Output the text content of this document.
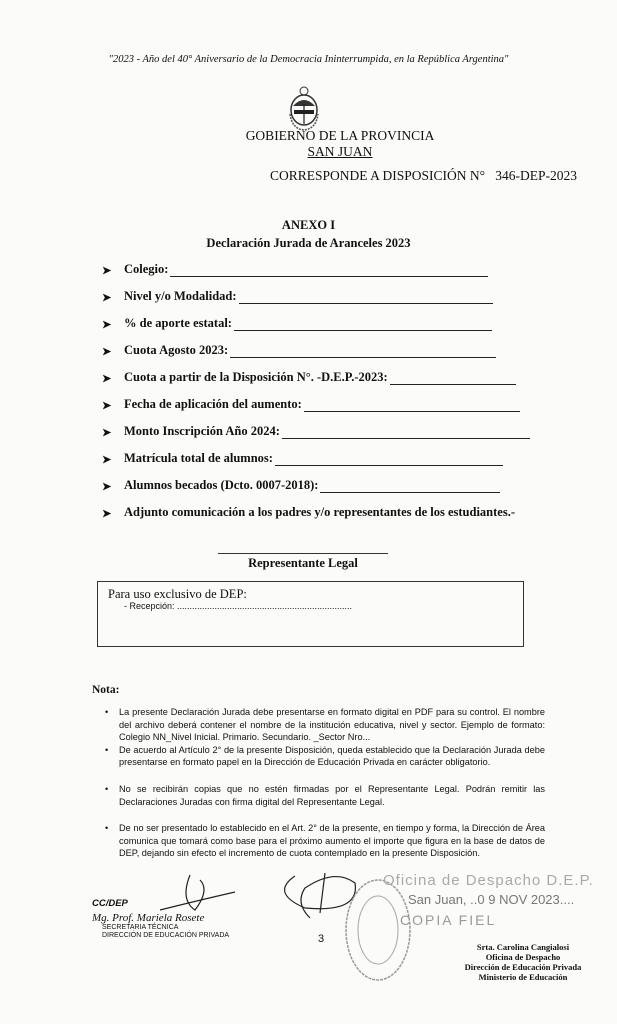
"2023 - Año del 40° Aniversario de la Democracia Ininterrumpida, en la República Argentina"
GOBIERNO DE LA PROVINCIA
SAN JUAN
CORRESPONDE A DISPOSICIÓN N° 346-DEP-2023
ANEXO I
Declaración Jurada de Aranceles 2023
➤	Colegio:
➤	Nivel y/o Modalidad:
➤	% de aporte estatal:
➤	Cuota Agosto 2023:
➤	Cuota a partir de la Disposición N°. -D.E.P.-2023:
➤	Fecha de aplicación del aumento:
➤	Monto Inscripción Año 2024:
➤	Matrícula total de alumnos:
➤	Alumnos becados (Dcto. 0007-2018):
➤	Adjunto comunicación a los padres y/o representantes de los estudiantes.-
Representante Legal
Para uso exclusivo de DEP:
- Recepción: ......................................................................
Nota:
• La presente Declaración Jurada debe presentarse en formato digital en PDF para su control. El nombre del archivo deberá contener el nombre de la institución educativa, nivel y sector. Ejemplo de formato: Colegio NN_Nivel Inicial. Primario. Secundario. _Sector Nro...
• De acuerdo al Artículo 2° de la presente Disposición, queda establecido que la Declaración Jurada debe presentarse en formato papel en la Dirección de Educación Privada en carácter obligatorio.
• No se recibirán copias que no estén firmadas por el Representante Legal. Podrán remitir las Declaraciones Juradas con firma digital del Representante Legal.
• De no ser presentado lo establecido en el Art. 2° de la presente, en tiempo y forma, la Dirección de Área comunica que tomará como base para el próximo aumento el importe que figura en la base de datos de DEP, dejando sin efecto el incremento de cuota contemplado en la presente Disposición.
CC/DEP
Mg. Prof. Mariela Rosete
SECRETARIA TÉCNICA
DIRECCIÓN DE EDUCACIÓN PRIVADA	3
Oficina de Despacho D.E.P.
San Juan, ..0 9 NOV 2023....
COPIA FIEL
Srta. Carolina Cangialosi
Oficina de Despacho
Dirección de Educación Privada
Ministerio de Educación
